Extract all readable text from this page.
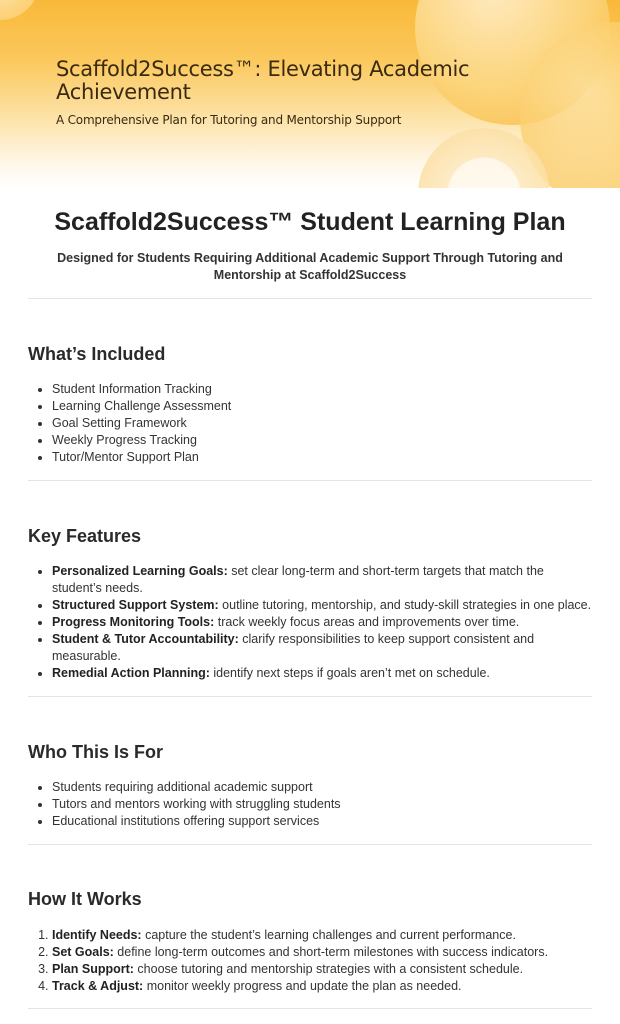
Scaffold2Success™: Elevating Academic Achievement

A Comprehensive Plan for Tutoring and Mentorship Support

Scaffold2Success™ Student Learning Plan

Designed for Students Requiring Additional Academic Support Through Tutoring and Mentorship at Scaffold2Success

What’s Included
• Student Information Tracking
• Learning Challenge Assessment
• Goal Setting Framework
• Weekly Progress Tracking
• Tutor/Mentor Support Plan
Key Features
• Personalized Learning Goals: set clear long-term and short-term targets that match the student’s needs.
• Structured Support System: outline tutoring, mentorship, and study-skill strategies in one place.
• Progress Monitoring Tools: track weekly focus areas and improvements over time.
• Student & Tutor Accountability: clarify responsibilities to keep support consistent and measurable.
• Remedial Action Planning: identify next steps if goals aren’t met on schedule.
Who This Is For
• Students requiring additional academic support
• Tutors and mentors working with struggling students
• Educational institutions offering support services
How It Works
1. Identify Needs: capture the student’s learning challenges and current performance.
2. Set Goals: define long-term outcomes and short-term milestones with success indicators.
3. Plan Support: choose tutoring and mentorship strategies with a consistent schedule.
4. Track & Adjust: monitor weekly progress and update the plan as needed.
